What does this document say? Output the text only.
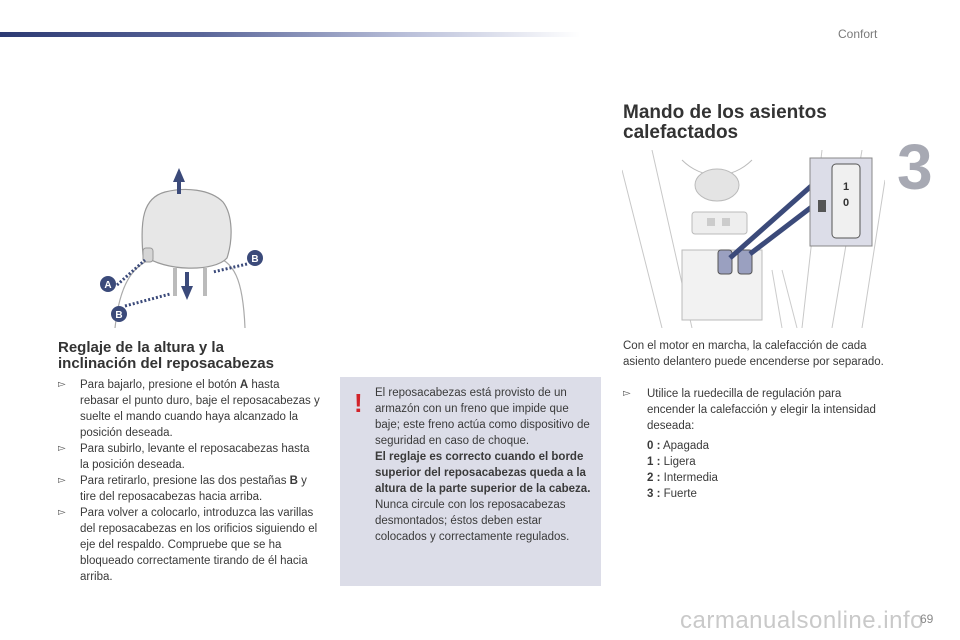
Confort
3
A
B
B
Reglaje de la altura y la
inclinación del reposacabezas
▻ Para bajarlo, presione el botón A hasta rebasar el punto duro, baje el reposacabezas y suelte el mando cuando haya alcanzado la posición deseada.
▻ Para subirlo, levante el reposacabezas hasta la posición deseada.
▻ Para retirarlo, presione las dos pestañas B y tire del reposacabezas hacia arriba.
▻ Para volver a colocarlo, introduzca las varillas del reposacabezas en los orificios siguiendo el eje del respaldo. Compruebe que se ha bloqueado correctamente tirando de él hacia arriba.
! El reposacabezas está provisto de un armazón con un freno que impide que baje; este freno actúa como dispositivo de seguridad en caso de choque.

El reglaje es correcto cuando el borde superior del reposacabezas queda a la altura de la parte superior de la cabeza.

Nunca circule con los reposacabezas desmontados; éstos deben estar colocados y correctamente regulados.

Mando de los asientos
calefactados
1
0

Con el motor en marcha, la calefacción de cada asiento delantero puede encenderse por separado.

▻ Utilice la ruedecilla de regulación para encender la calefacción y elegir la intensidad deseada:
0 : Apagada
1 : Ligera
2 : Intermedia
3 : Fuerte
carmanualsonline.info
69
